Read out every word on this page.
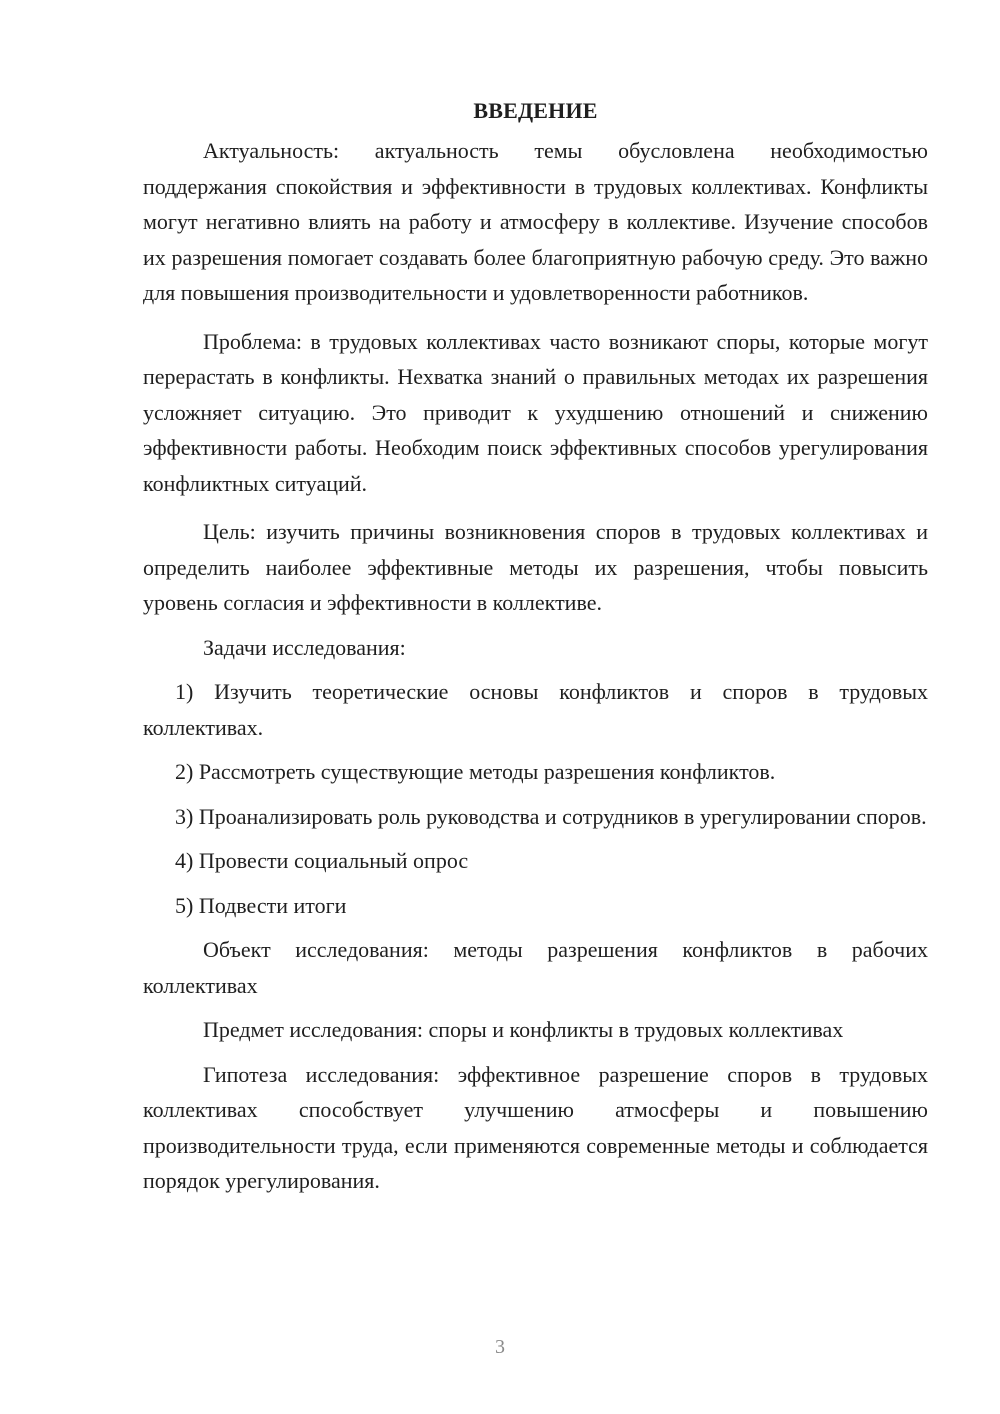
ВВЕДЕНИЕ

Актуальность: актуальность темы обусловлена необходимостью поддержания спокойствия и эффективности в трудовых коллективах. Конфликты могут негативно влиять на работу и атмосферу в коллективе. Изучение способов их разрешения помогает создавать более благоприятную рабочую среду. Это важно для повышения производительности и удовлетворенности работников.

Проблема: в трудовых коллективах часто возникают споры, которые могут перерастать в конфликты. Нехватка знаний о правильных методах их разрешения усложняет ситуацию. Это приводит к ухудшению отношений и снижению эффективности работы. Необходим поиск эффективных способов урегулирования конфликтных ситуаций.

Цель: изучить причины возникновения споров в трудовых коллективах и определить наиболее эффективные методы их разрешения, чтобы повысить уровень согласия и эффективности в коллективе.

Задачи исследования:

1) Изучить теоретические основы конфликтов и споров в трудовых коллективах.

2) Рассмотреть существующие методы разрешения конфликтов.

3) Проанализировать роль руководства и сотрудников в урегулировании споров.

4) Провести социальный опрос

5) Подвести итоги

Объект исследования: методы разрешения конфликтов в рабочих коллективах

Предмет исследования: споры и конфликты в трудовых коллективах

Гипотеза исследования: эффективное разрешение споров в трудовых коллективах способствует улучшению атмосферы и повышению производительности труда, если применяются современные методы и соблюдается порядок урегулирования.

3
